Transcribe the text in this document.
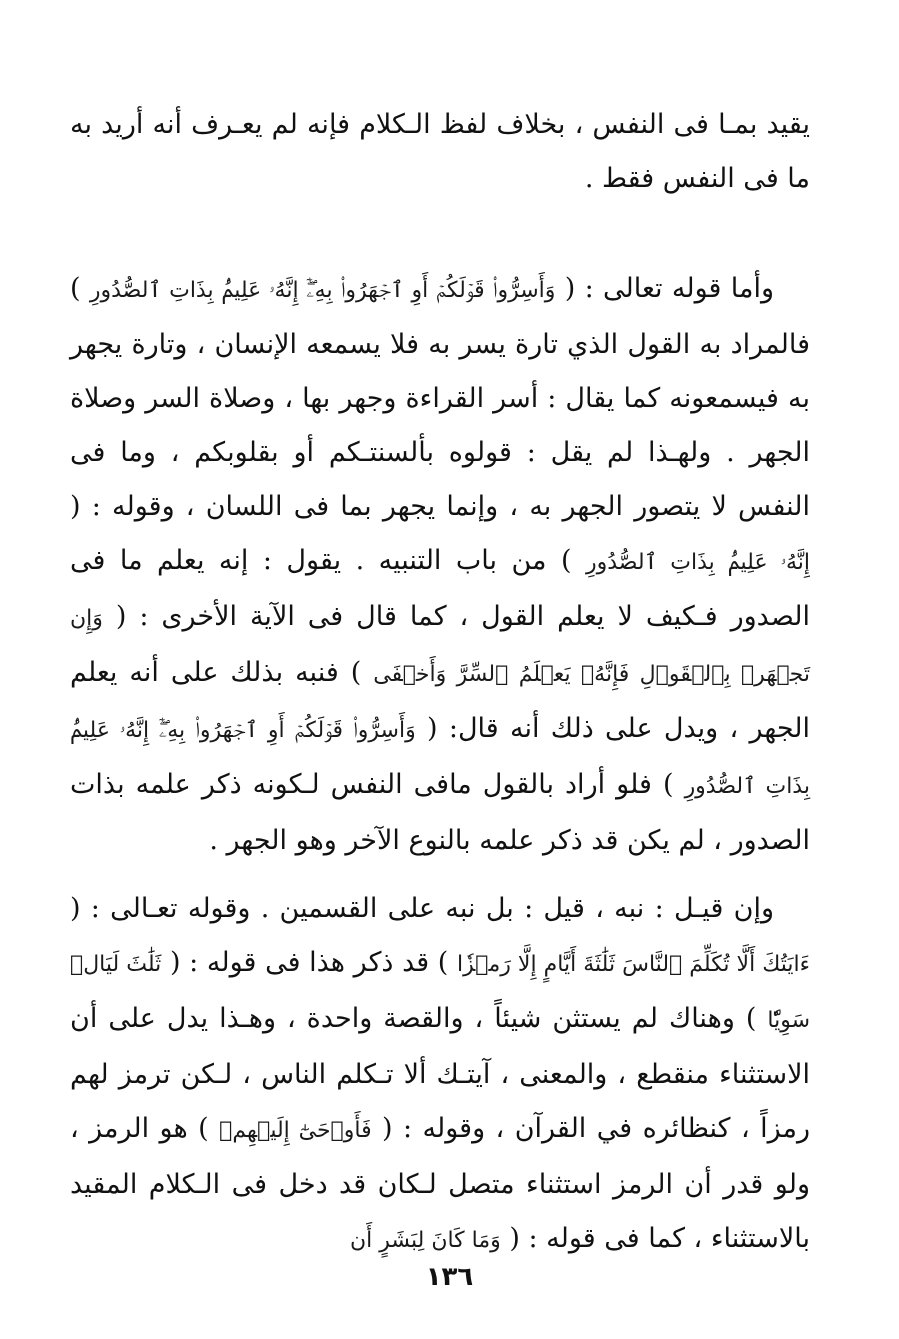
يقيد بمـا فى النفس ، بخلاف لفظ الـكلام فإنه لم يعـرف أنه أريد به ما فى النفس فقط .

وأما قوله تعالى : ( وَأَسِرُّوا۟ قَوۡلَكُمۡ أَوِ ٱجۡهَرُوا۟ بِهِۦٓۖ إِنَّهُۥ عَلِيمُۢ بِذَاتِ ٱلصُّدُورِ ) فالمراد به القول الذي تارة يسر به فلا يسمعه الإنسان ، وتارة يجهر به فيسمعونه كما يقال : أسر القراءة وجهر بها ، وصلاة السر وصلاة الجهر . ولهـذا لم يقل : قولوه بألسنتـكم أو بقلوبكم ، وما فى النفس لا يتصور الجهر به ، وإنما يجهر بما فى اللسان ، وقوله : ( إِنَّهُۥ عَلِيمُۢ بِذَاتِ ٱلصُّدُورِ ) من باب التنبيه . يقول : إنه يعلم ما فى الصدور فـكيف لا يعلم القول ، كما قال فى الآية الأخرى : ( وَإِن تَجۡهَرۡ بِٱلۡقَوۡلِ فَإِنَّهُۥ يَعۡلَمُ ٱلسِّرَّ وَأَخۡفَى ) فنبه بذلك على أنه يعلم الجهر ، ويدل على ذلك أنه قال: ( وَأَسِرُّوا۟ قَوۡلَكُمۡ أَوِ ٱجۡهَرُوا۟ بِهِۦٓۖ إِنَّهُۥ عَلِيمُۢ بِذَاتِ ٱلصُّدُورِ ) فلو أراد بالقول مافى النفس لـكونه ذكر علمه بذات الصدور ، لم يكن قد ذكر علمه بالنوع الآخر وهو الجهر .

وإن قيـل : نبه ، قيل : بل نبه على القسمين . وقوله تعـالى : ( ءَايَتُكَ أَلَّا تُكَلِّمَ ٱلنَّاسَ ثَلَٰثَةَ أَيَّامٍ إِلَّا رَمۡزٗا ) قد ذكر هذا فى قوله : ( ثَلَٰثَ لَيَالٖ سَوِيّٗا ) وهناك لم يستثن شيئاً ، والقصة واحدة ، وهـذا يدل على أن الاستثناء منقطع ، والمعنى ، آيتـك ألا تـكلم الناس ، لـكن ترمز لهم رمزاً ، كنظائره في القرآن ، وقوله : ( فَأَوۡحَىٰٓ إِلَيۡهِمۡ ) هو الرمز ، ولو قدر أن الرمز استثناء متصل لـكان قد دخل فى الـكلام المقيد بالاستثناء ، كما فى قوله : ( وَمَا كَانَ لِبَشَرٍ أَن

١٣٦
